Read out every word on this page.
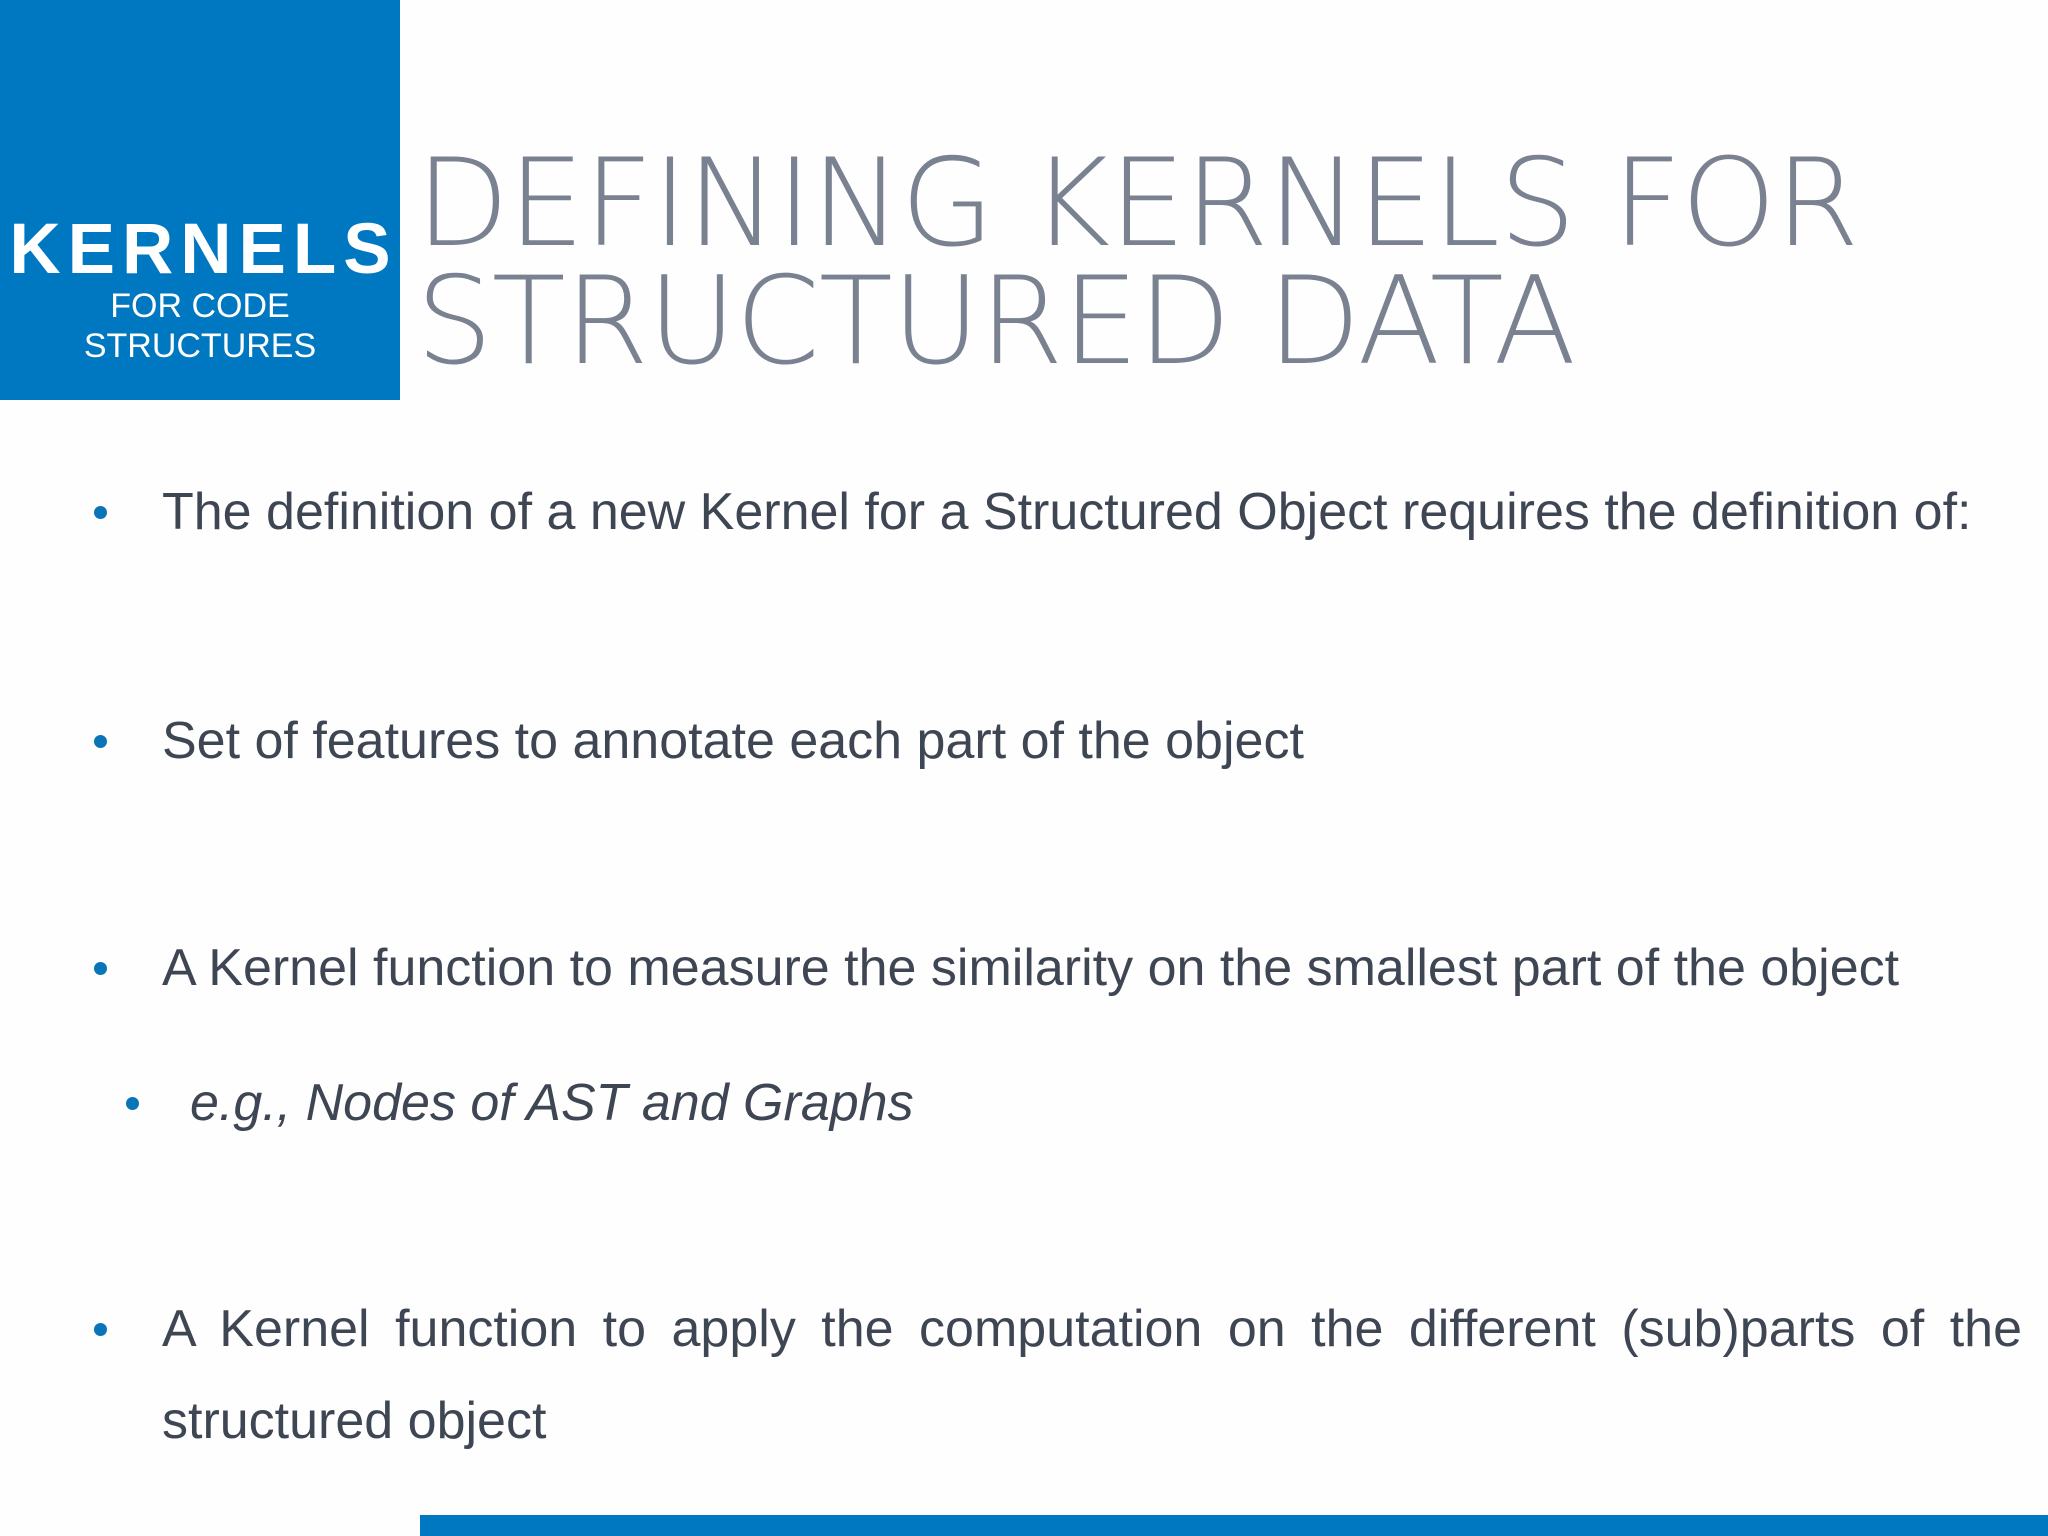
KERNELS
FOR CODE
STRUCTURES
DEFINING KERNELS FOR
STRUCTURED DATA
The definition of a new Kernel for a Structured Object requires the definition of:
Set of features to annotate each part of the object
A Kernel function to measure the similarity on the smallest part of the object
e.g., Nodes of AST and Graphs
A Kernel function to apply the computation on the different (sub)parts of the structured object
